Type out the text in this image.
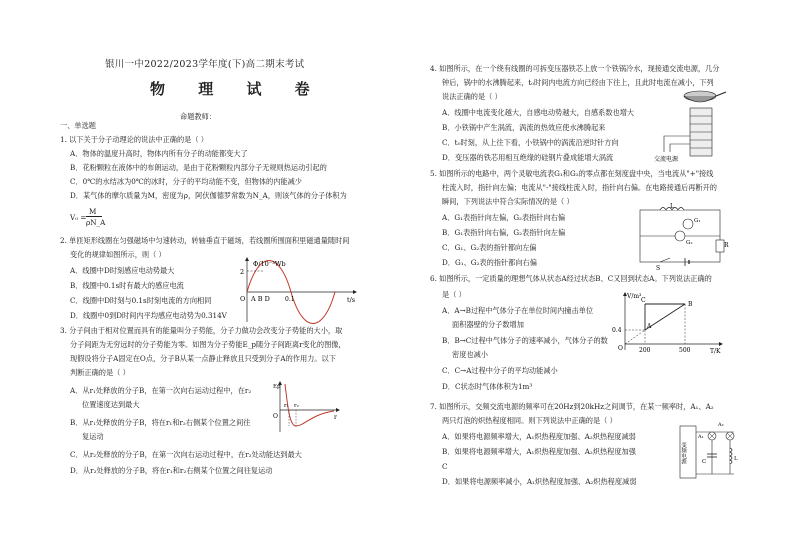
银川一中2022/2023学年度(下)高二期末考试
物 理 试 卷
命题教师：
一、单选题
1. 以下关于分子动理论的说法中正确的是（ ）
A．物体的温度升高时，物体内所有分子的动能都变大了
B．花粉颗粒在液体中的布朗运动，是由于花粉颗粒内部分子无规则热运动引起的
C．0℃的水结冰为0℃的冰时，分子的平均动能不变，但物体的内能减少
D．某气体的摩尔质量为M，密度为ρ，阿伏伽德罗常数为N_A，则该气体的分子体积为
V₀ =
M
ρN_A
2. 单匝矩形线圈在匀强磁场中匀速转动，转轴垂直于磁场，若线圈所围面积里磁通量随时间
变化的规律如图所示，则（ ）
A．线圈中D时刻感应电动势最大
B．线圈中0.1s时有最大的感应电流
C．线圈中D时刻与0.1s时刻电流的方向相同
D．线圈中0到D时间内平均感应电动势为0.314V
Φ/10⁻³Wb
t/s
2
0.1
A B D
O
3. 分子间由于相对位置而具有的能量叫分子势能，分子力做功会改变分子势能的大小，取
分子间距为无穷远时的分子势能为零。如图为分子势能E_p随分子间距离r变化的图像，
现假设将分子A固定在O点，分子B从某一点静止释放且只受到分子A的作用力。以下
判断正确的是（ ）
A．从r₁处释放的分子B，在第一次向右运动过程中，在r₂
位置速度达到最大
B．从r₁处释放的分子B，将在r₁和r₂右侧某个位置之间往
复运动
C．从r₂处释放的分子B，在第一次向右运动过程中，在r₂处动能达到最大
D．从r₂处释放的分子B，将在r₁和r₂右侧某个位置之间往复运动
Ep
r
O
r₁ r₂
4. 如图所示，在一个绕有线圈的可拆变压器铁芯上放一个铁锅冷水，现接通交流电源，几分
钟后，锅中的水沸腾起来，t₀时间内电流方向已经由下往上，且此时电流在减小，下列
说法正确的是（ ）
A．线圈中电流变化越大，自感电动势越大，自感系数也增大
B．小铁锅中产生涡流，涡流的热效应使水沸腾起来
C．t₀时刻，从上往下看，小铁锅中的涡流沿逆时针方向
D．变压器的铁芯用相互绝缘的硅钢片叠成能增大涡流	交流电源
5. 如图所示的电路中，两个灵敏电流表G₁和G₂的零点都在刻度盘中央，当电流从"+"接线
柱流入时，指针向左偏；电流从"-"接线柱流入时，指针向右偏。在电路接通后再断开的
瞬间，下列说法中符合实际情况的是（ ）
A．G₁表指针向左偏，G₂表指针向右偏
B．G₁表指针向右偏，G₂表指针向左偏
C．G₁、G₂表的指针都向左偏
D．G₁、G₂表的指针都向右偏
L
G₁
G₂	R
S
6. 如图所示，一定质量的理想气体从状态A经过状态B、C又回到状态A。下列说法正确的
是（ ）
A．A→B过程中气体分子在单位时间内撞击单位
面积器壁的分子数增加
B．B→C过程中气体分子的速率减小，气体分子的数
密度也减小
C．C→A过程中分子的平均动能减小
D．C状态时气体体积为1m³
V/m³
T/K
0.4
200	500
O
A
B
C
7. 如图所示，交频交流电源的频率可在20Hz到20kHz之间调节，在某一频率时，A₁、A₂
两只灯泡的炽热程度相同。则下列说法中正确的是（ ）
A．如果将电源频率增大，A₁炽热程度加强、A₂炽热程度减弱
B．如果将电源频率增大，A₁炽热程度加强、A₂炽热程度加强
C
D．如果将电源频率减小，A₁炽热程度加强、A₂炽热程度减弱
变频电源
A₁
A₂
C	L
